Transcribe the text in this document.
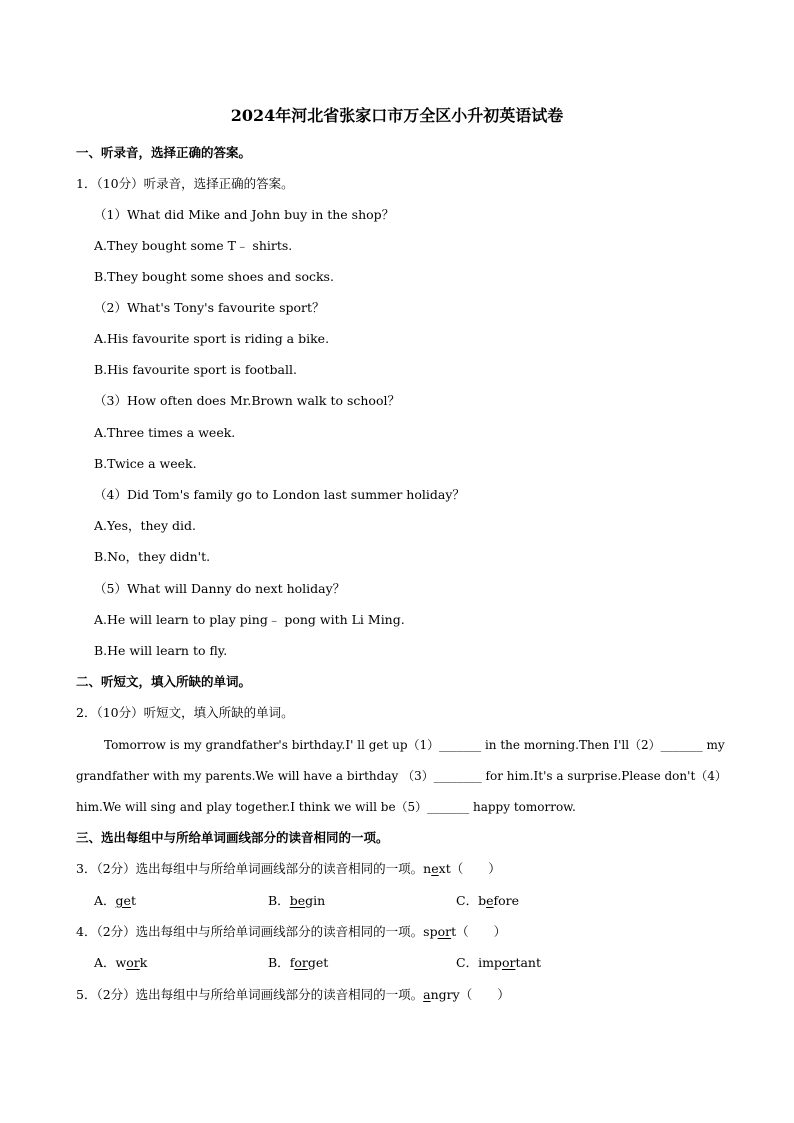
2024年河北省张家口市万全区小升初英语试卷
一、听录音，选择正确的答案。
1．（10分）听录音，选择正确的答案。
（1）What did Mike and John buy in the shop？
A.They bought some T﹣ shirts.
B.They bought some shoes and socks.
（2）What's Tony's favourite sport？
A.His favourite sport is riding a bike.
B.His favourite sport is football.
（3）How often does Mr.Brown walk to school？
A.Three times a week.
B.Twice a week.
（4）Did Tom's family go to London last summer holiday？
A.Yes，they did.
B.No，they didn't.
（5）What will Danny do next holiday？
A.He will learn to play ping﹣ pong with Li Ming.
B.He will learn to fly.
二、听短文，填入所缺的单词。
2．（10分）听短文，填入所缺的单词。
Tomorrow is my grandfather's birthday.I' ll get up（1）_______ in the morning.Then I'll（2）_______ my
grandfather with my parents.We will have a birthday （3）________ for him.It's a surprise.Please don't（4）
him.We will sing and play together.I think we will be（5）_______ happy tomorrow.
三、选出每组中与所给单词画线部分的读音相同的一项。
3．（2分）选出每组中与所给单词画线部分的读音相同的一项。next（　　）
A．get	B．begin	C．before
4．（2分）选出每组中与所给单词画线部分的读音相同的一项。sport（　　）
A．work	B．forget	C．important
5．（2分）选出每组中与所给单词画线部分的读音相同的一项。angry（　　）
